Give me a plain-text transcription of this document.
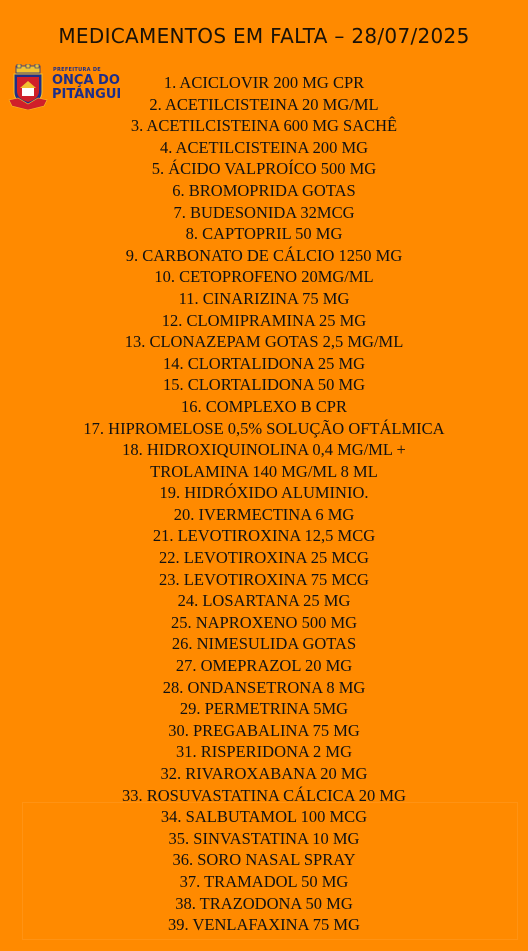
MEDICAMENTOS EM FALTA – 28/07/2025
PREFEITURA DE
ONÇA DO
PITANGUI
1. ACICLOVIR 200 MG CPR
2. ACETILCISTEINA 20 MG/ML
3. ACETILCISTEINA 600 MG SACHÊ
4. ACETILCISTEINA 200 MG
5. ÁCIDO VALPROÍCO 500 MG
6. BROMOPRIDA GOTAS
7. BUDESONIDA 32MCG
8. CAPTOPRIL 50 MG
9. CARBONATO DE CÁLCIO 1250 MG
10. CETOPROFENO 20MG/ML
11. CINARIZINA 75 MG
12. CLOMIPRAMINA 25 MG
13. CLONAZEPAM GOTAS 2,5 MG/ML
14. CLORTALIDONA 25 MG
15. CLORTALIDONA 50 MG
16. COMPLEXO B CPR
17. HIPROMELOSE 0,5% SOLUÇÃO OFTÁLMICA
18. HIDROXIQUINOLINA 0,4 MG/ML +
TROLAMINA 140 MG/ML 8 ML
19. HIDRÓXIDO ALUMINIO.
20. IVERMECTINA 6 MG
21. LEVOTIROXINA 12,5 MCG
22. LEVOTIROXINA 25 MCG
23. LEVOTIROXINA 75 MCG
24. LOSARTANA 25 MG
25. NAPROXENO 500 MG
26. NIMESULIDA GOTAS
27. OMEPRAZOL 20 MG
28. ONDANSETRONA 8 MG
29. PERMETRINA 5MG
30. PREGABALINA 75 MG
31. RISPERIDONA 2 MG
32. RIVAROXABANA 20 MG
33. ROSUVASTATINA CÁLCICA 20 MG
34. SALBUTAMOL 100 MCG
35. SINVASTATINA 10 MG
36. SORO NASAL SPRAY
37. TRAMADOL 50 MG
38. TRAZODONA 50 MG
39. VENLAFAXINA 75 MG
